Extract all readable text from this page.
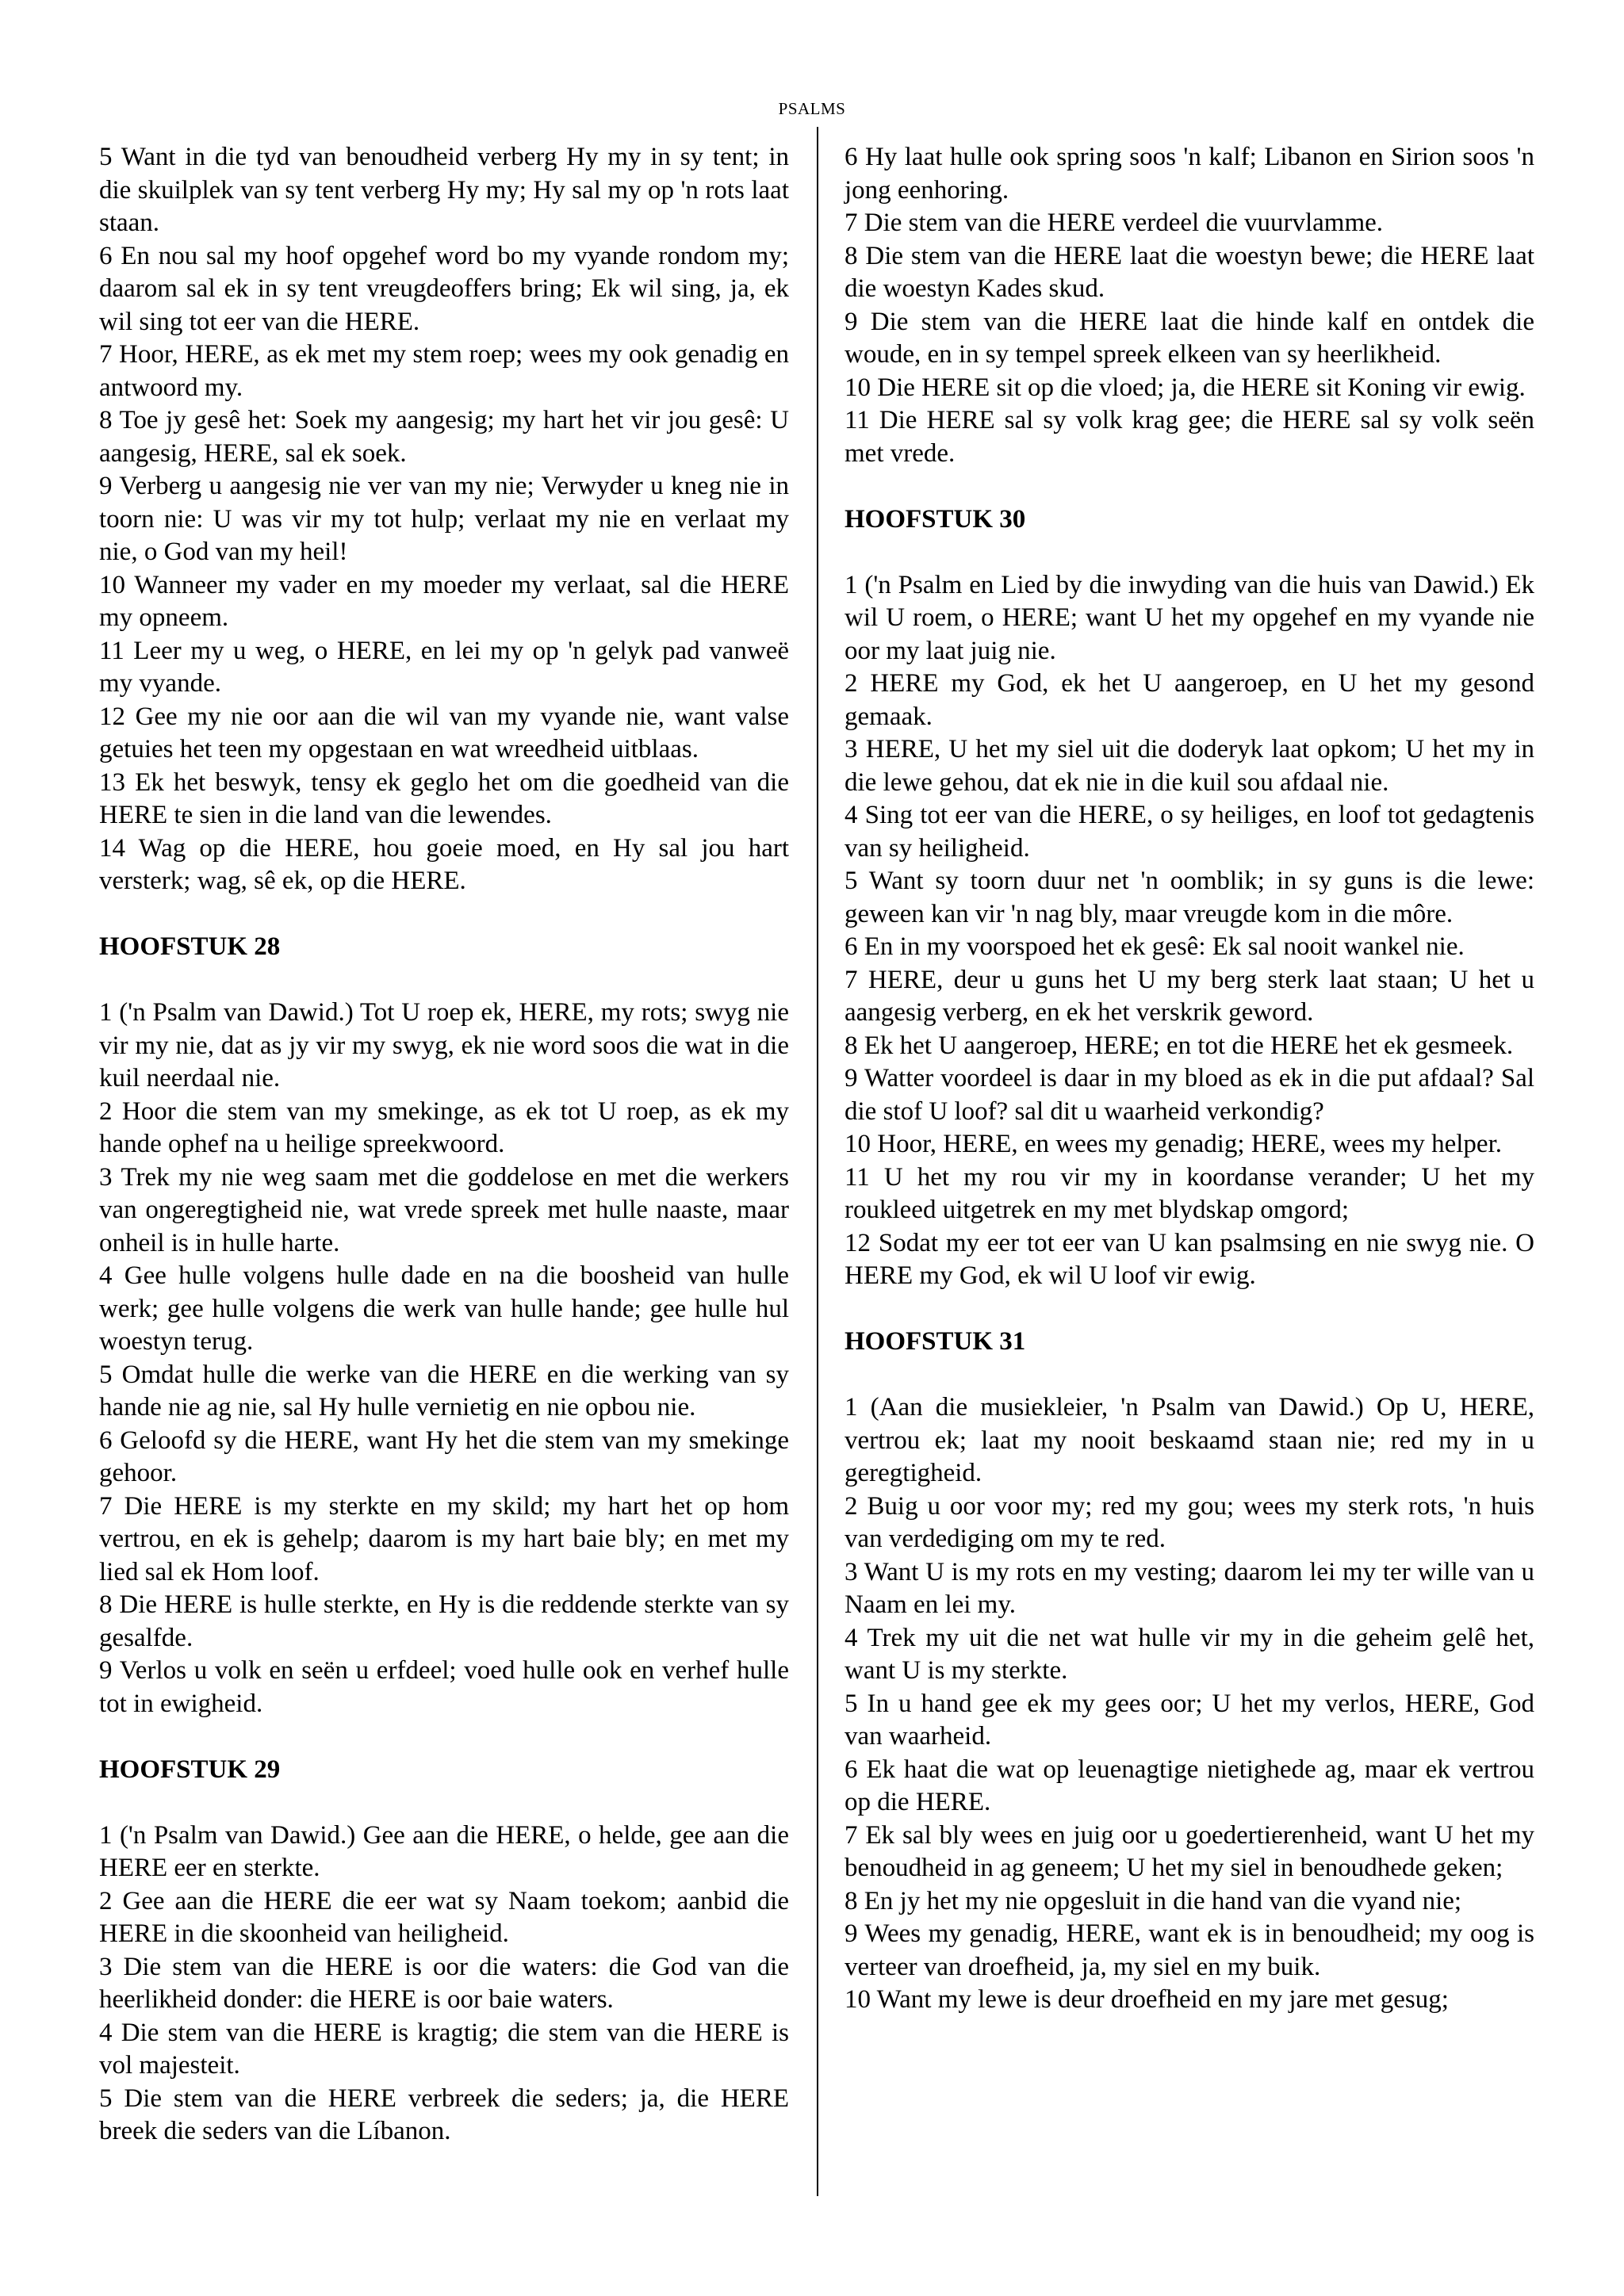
PSALMS

5 Want in die tyd van benoudheid verberg Hy my in sy tent; in die skuilplek van sy tent verberg Hy my; Hy sal my op 'n rots laat staan.

6 En nou sal my hoof opgehef word bo my vyande rondom my; daarom sal ek in sy tent vreugdeoffers bring; Ek wil sing, ja, ek wil sing tot eer van die HERE.

7 Hoor, HERE, as ek met my stem roep; wees my ook genadig en antwoord my.

8 Toe jy gesê het: Soek my aangesig; my hart het vir jou gesê: U aangesig, HERE, sal ek soek.

9 Verberg u aangesig nie ver van my nie; Verwyder u kneg nie in toorn nie: U was vir my tot hulp; verlaat my nie en verlaat my nie, o God van my heil!

10 Wanneer my vader en my moeder my verlaat, sal die HERE my opneem.

11 Leer my u weg, o HERE, en lei my op 'n gelyk pad vanweë my vyande.

12 Gee my nie oor aan die wil van my vyande nie, want valse getuies het teen my opgestaan en wat wreedheid uitblaas.

13 Ek het beswyk, tensy ek geglo het om die goedheid van die HERE te sien in die land van die lewendes.

14 Wag op die HERE, hou goeie moed, en Hy sal jou hart versterk; wag, sê ek, op die HERE.

HOOFSTUK 28

1 ('n Psalm van Dawid.) Tot U roep ek, HERE, my rots; swyg nie vir my nie, dat as jy vir my swyg, ek nie word soos die wat in die kuil neerdaal nie.

2 Hoor die stem van my smekinge, as ek tot U roep, as ek my hande ophef na u heilige spreekwoord.

3 Trek my nie weg saam met die goddelose en met die werkers van ongeregtigheid nie, wat vrede spreek met hulle naaste, maar onheil is in hulle harte.

4 Gee hulle volgens hulle dade en na die boosheid van hulle werk; gee hulle volgens die werk van hulle hande; gee hulle hul woestyn terug.

5 Omdat hulle die werke van die HERE en die werking van sy hande nie ag nie, sal Hy hulle vernietig en nie opbou nie.

6 Geloofd sy die HERE, want Hy het die stem van my smekinge gehoor.

7 Die HERE is my sterkte en my skild; my hart het op hom vertrou, en ek is gehelp; daarom is my hart baie bly; en met my lied sal ek Hom loof.

8 Die HERE is hulle sterkte, en Hy is die reddende sterkte van sy gesalfde.

9 Verlos u volk en seën u erfdeel; voed hulle ook en verhef hulle tot in ewigheid.

HOOFSTUK 29

1 ('n Psalm van Dawid.) Gee aan die HERE, o helde, gee aan die HERE eer en sterkte.

2 Gee aan die HERE die eer wat sy Naam toekom; aanbid die HERE in die skoonheid van heiligheid.

3 Die stem van die HERE is oor die waters: die God van die heerlikheid donder: die HERE is oor baie waters.

4 Die stem van die HERE is kragtig; die stem van die HERE is vol majesteit.

5 Die stem van die HERE verbreek die seders; ja, die HERE breek die seders van die Líbanon.

6 Hy laat hulle ook spring soos 'n kalf; Libanon en Sirion soos 'n jong eenhoring.

7 Die stem van die HERE verdeel die vuurvlamme.

8 Die stem van die HERE laat die woestyn bewe; die HERE laat die woestyn Kades skud.

9 Die stem van die HERE laat die hinde kalf en ontdek die woude, en in sy tempel spreek elkeen van sy heerlikheid.

10 Die HERE sit op die vloed; ja, die HERE sit Koning vir ewig.

11 Die HERE sal sy volk krag gee; die HERE sal sy volk seën met vrede.

HOOFSTUK 30

1 ('n Psalm en Lied by die inwyding van die huis van Dawid.) Ek wil U roem, o HERE; want U het my opgehef en my vyande nie oor my laat juig nie.

2 HERE my God, ek het U aangeroep, en U het my gesond gemaak.

3 HERE, U het my siel uit die doderyk laat opkom; U het my in die lewe gehou, dat ek nie in die kuil sou afdaal nie.

4 Sing tot eer van die HERE, o sy heiliges, en loof tot gedagtenis van sy heiligheid.

5 Want sy toorn duur net 'n oomblik; in sy guns is die lewe: geween kan vir 'n nag bly, maar vreugde kom in die môre.

6 En in my voorspoed het ek gesê: Ek sal nooit wankel nie.

7 HERE, deur u guns het U my berg sterk laat staan; U het u aangesig verberg, en ek het verskrik geword.

8 Ek het U aangeroep, HERE; en tot die HERE het ek gesmeek.

9 Watter voordeel is daar in my bloed as ek in die put afdaal? Sal die stof U loof? sal dit u waarheid verkondig?

10 Hoor, HERE, en wees my genadig; HERE, wees my helper.

11 U het my rou vir my in koordanse verander; U het my roukleed uitgetrek en my met blydskap omgord;

12 Sodat my eer tot eer van U kan psalmsing en nie swyg nie. O HERE my God, ek wil U loof vir ewig.

HOOFSTUK 31

1 (Aan die musiekleier, 'n Psalm van Dawid.) Op U, HERE, vertrou ek; laat my nooit beskaamd staan nie; red my in u geregtigheid.

2 Buig u oor voor my; red my gou; wees my sterk rots, 'n huis van verdediging om my te red.

3 Want U is my rots en my vesting; daarom lei my ter wille van u Naam en lei my.

4 Trek my uit die net wat hulle vir my in die geheim gelê het, want U is my sterkte.

5 In u hand gee ek my gees oor; U het my verlos, HERE, God van waarheid.

6 Ek haat die wat op leuenagtige nietighede ag, maar ek vertrou op die HERE.

7 Ek sal bly wees en juig oor u goedertierenheid, want U het my benoudheid in ag geneem; U het my siel in benoudhede geken;

8 En jy het my nie opgesluit in die hand van die vyand nie;

9 Wees my genadig, HERE, want ek is in benoudheid; my oog is verteer van droefheid, ja, my siel en my buik.

10 Want my lewe is deur droefheid en my jare met gesug;
